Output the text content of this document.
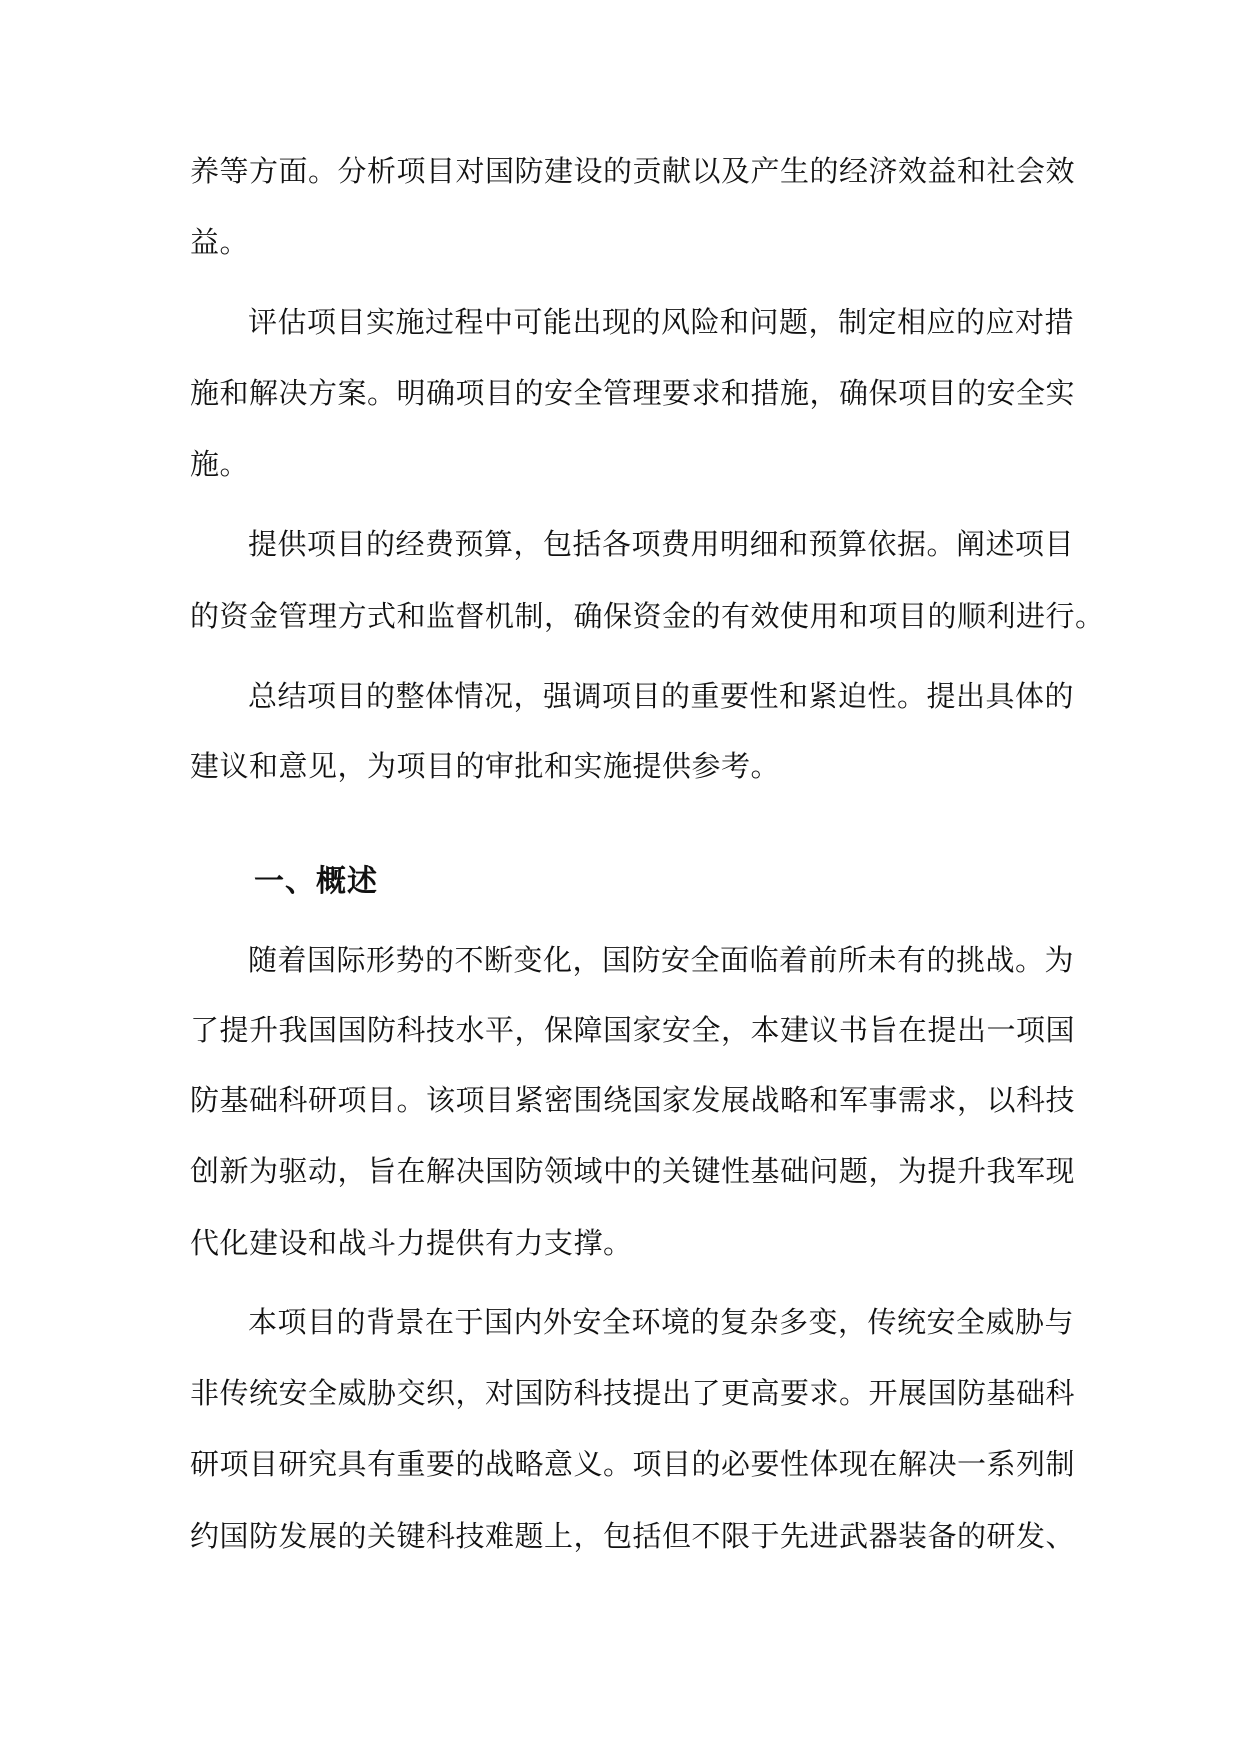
养等方面。分析项目对国防建设的贡献以及产生的经济效益和社会效
益。
评估项目实施过程中可能出现的风险和问题，制定相应的应对措
施和解决方案。明确项目的安全管理要求和措施，确保项目的安全实
施。
提供项目的经费预算，包括各项费用明细和预算依据。阐述项目
的资金管理方式和监督机制，确保资金的有效使用和项目的顺利进行。
总结项目的整体情况，强调项目的重要性和紧迫性。提出具体的
建议和意见，为项目的审批和实施提供参考。
一、概述
随着国际形势的不断变化，国防安全面临着前所未有的挑战。为
了提升我国国防科技水平，保障国家安全，本建议书旨在提出一项国
防基础科研项目。该项目紧密围绕国家发展战略和军事需求，以科技
创新为驱动，旨在解决国防领域中的关键性基础问题，为提升我军现
代化建设和战斗力提供有力支撑。
本项目的背景在于国内外安全环境的复杂多变，传统安全威胁与
非传统安全威胁交织，对国防科技提出了更高要求。开展国防基础科
研项目研究具有重要的战略意义。项目的必要性体现在解决一系列制
约国防发展的关键科技难题上，包括但不限于先进武器装备的研发、
